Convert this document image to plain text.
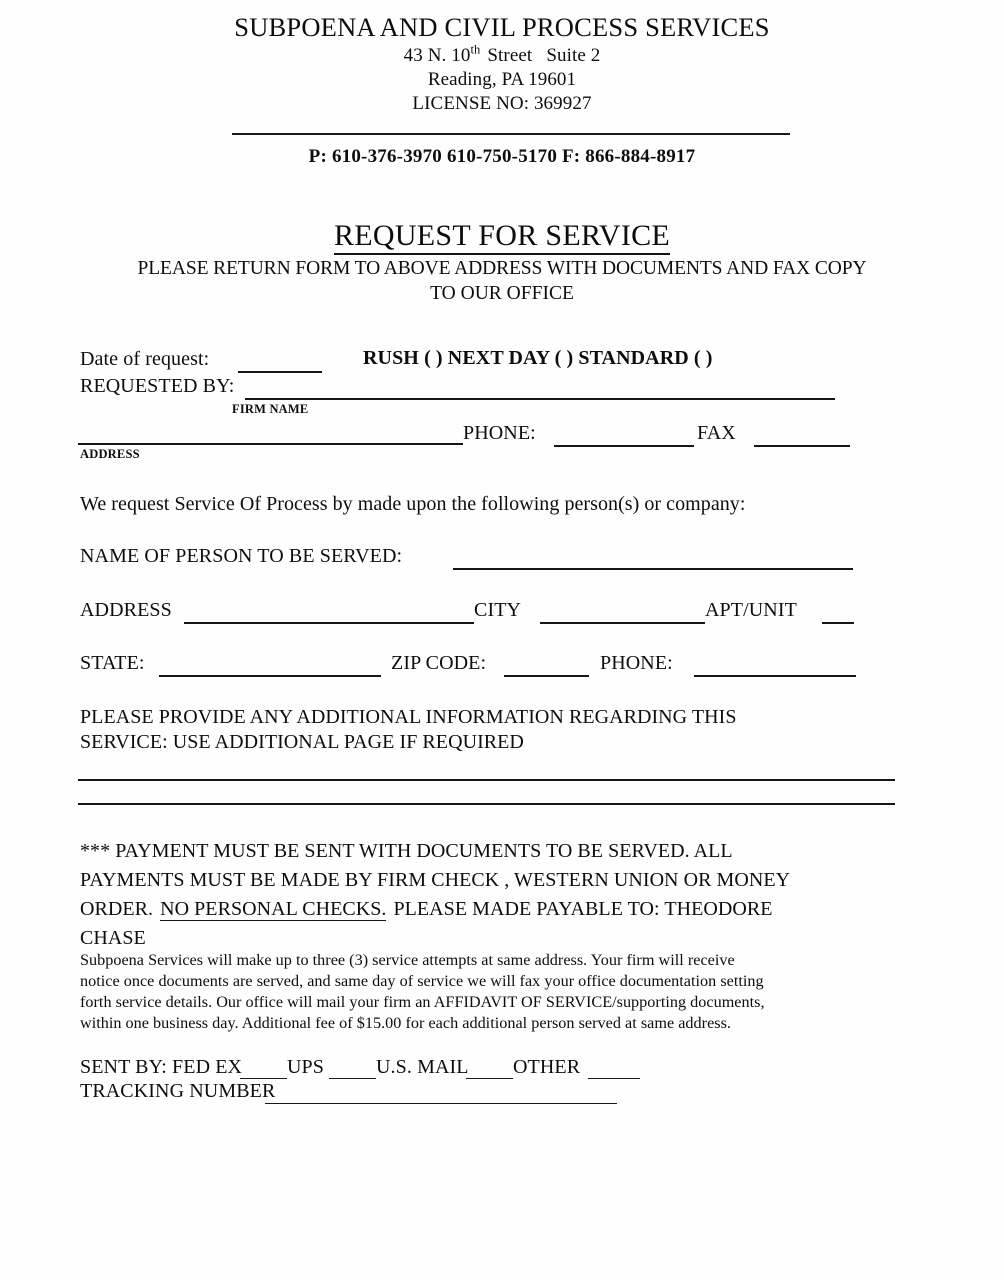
SUBPOENA AND CIVIL PROCESS SERVICES
43 N. 10th Street Suite 2
Reading, PA 19601
LICENSE NO: 369927
P: 610-376-3970 610-750-5170 F: 866-884-8917
REQUEST FOR SERVICE
PLEASE RETURN FORM TO ABOVE ADDRESS WITH DOCUMENTS AND FAX COPY
TO OUR OFFICE
Date of request:	RUSH ( ) NEXT DAY ( ) STANDARD ( )
REQUESTED BY:
FIRM NAME
ADDRESS
PHONE:	FAX
We request Service Of Process by made upon the following person(s) or company:
NAME OF PERSON TO BE SERVED:
ADDRESS	CITY	APT/UNIT
STATE:	ZIP CODE:	PHONE:
PLEASE PROVIDE ANY ADDITIONAL INFORMATION REGARDING THIS
SERVICE: USE ADDITIONAL PAGE IF REQUIRED
*** PAYMENT MUST BE SENT WITH DOCUMENTS TO BE SERVED. ALL
PAYMENTS MUST BE MADE BY FIRM CHECK , WESTERN UNION OR MONEY
ORDER. NO PERSONAL CHECKS. PLEASE MADE PAYABLE TO: THEODORE
CHASE
Subpoena Services will make up to three (3) service attempts at same address. Your firm will receive
notice once documents are served, and same day of service we will fax your office documentation setting
forth service details. Our office will mail your firm an AFFIDAVIT OF SERVICE/supporting documents,
within one business day. Additional fee of $15.00 for each additional person served at same address.
SENT BY: FED EX UPS	U.S. MAIL OTHER
TRACKING NUMBER
